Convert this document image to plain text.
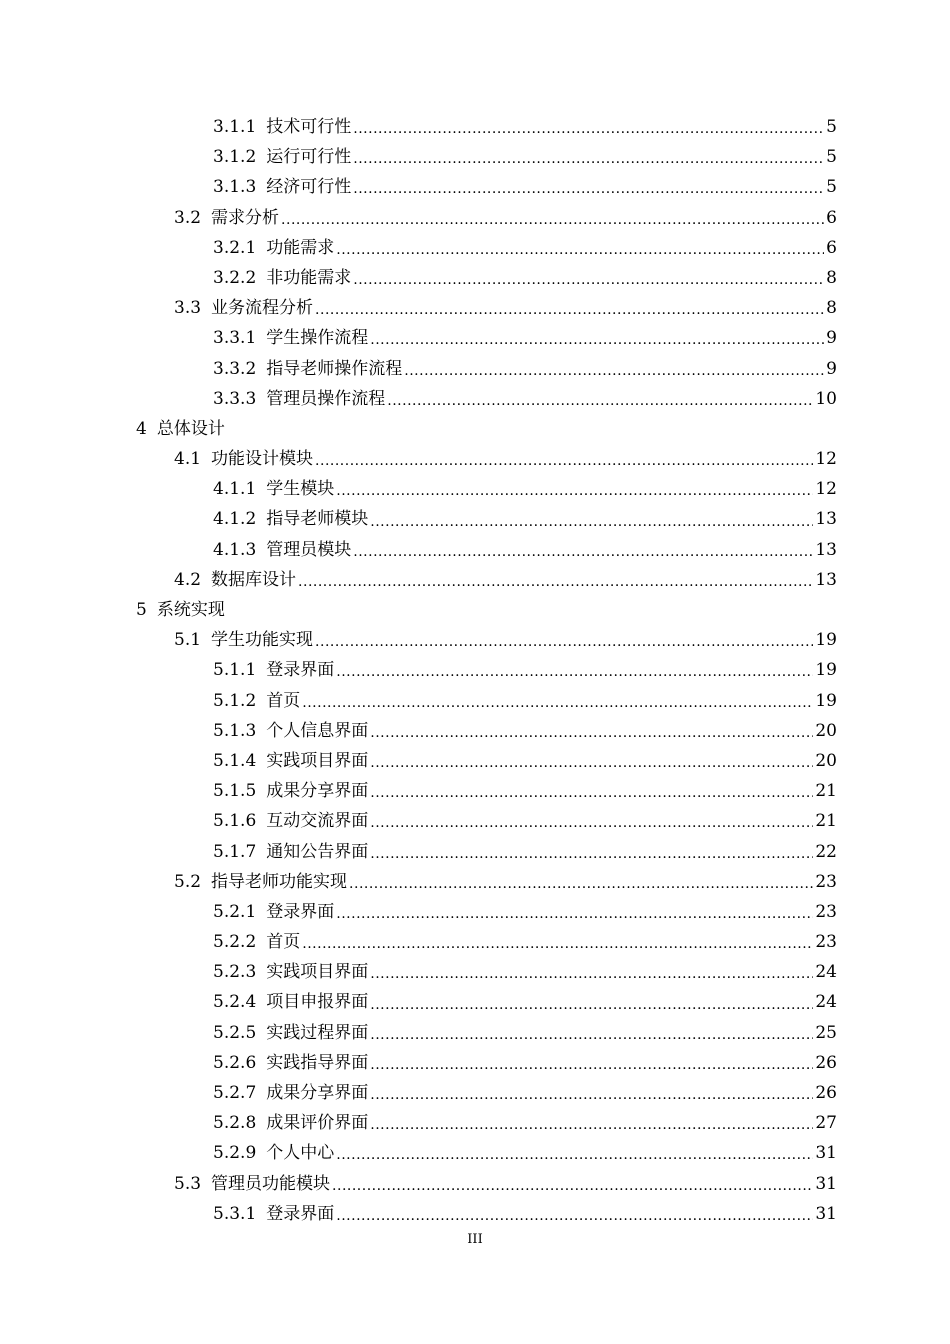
3.1.1 技术可行性 .....	5
3.1.2 运行可行性 .....	5
3.1.3 经济可行性 .....	5
3.2 需求分析 .....	6
3.2.1 功能需求 .....	6
3.2.2 非功能需求 .....	8
3.3 业务流程分析 .....	8
3.3.1 学生操作流程 .....	9
3.3.2 指导老师操作流程 .....	9
3.3.3 管理员操作流程 .....	10
4 总体设计
4.1 功能设计模块 .....	12
4.1.1 学生模块 .....	12
4.1.2 指导老师模块 .....	13
4.1.3 管理员模块 .....	13
4.2 数据库设计 .....	13
5 系统实现
5.1 学生功能实现 .....	19
5.1.1 登录界面 .....	19
5.1.2 首页 .....	19
5.1.3 个人信息界面 .....	20
5.1.4 实践项目界面 .....	20
5.1.5 成果分享界面 .....	21
5.1.6 互动交流界面 .....	21
5.1.7 通知公告界面 .....	22
5.2 指导老师功能实现 .....	23
5.2.1 登录界面 .....	23
5.2.2 首页 .....	23
5.2.3 实践项目界面 .....	24
5.2.4 项目申报界面 .....	24
5.2.5 实践过程界面 .....	25
5.2.6 实践指导界面 .....	26
5.2.7 成果分享界面 .....	26
5.2.8 成果评价界面 .....	27
5.2.9 个人中心 .....	31
5.3 管理员功能模块 .....	31
5.3.1 登录界面 .....	31
III
